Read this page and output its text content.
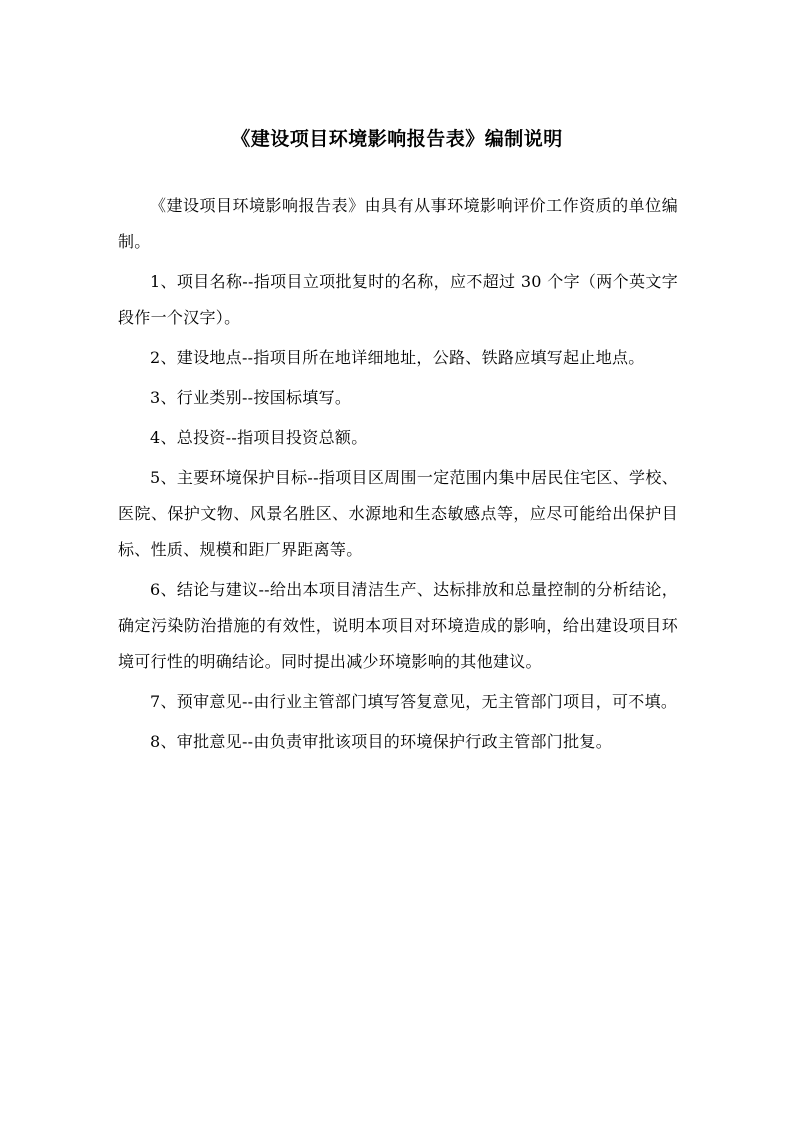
《建设项目环境影响报告表》编制说明

《建设项目环境影响报告表》由具有从事环境影响评价工作资质的单位编制。

1、项目名称--指项目立项批复时的名称，应不超过 30 个字（两个英文字段作一个汉字）。

2、建设地点--指项目所在地详细地址，公路、铁路应填写起止地点。

3、行业类别--按国标填写。

4、总投资--指项目投资总额。

5、主要环境保护目标--指项目区周围一定范围内集中居民住宅区、学校、医院、保护文物、风景名胜区、水源地和生态敏感点等，应尽可能给出保护目标、性质、规模和距厂界距离等。

6、结论与建议--给出本项目清洁生产、达标排放和总量控制的分析结论，确定污染防治措施的有效性，说明本项目对环境造成的影响，给出建设项目环境可行性的明确结论。同时提出减少环境影响的其他建议。

7、预审意见--由行业主管部门填写答复意见，无主管部门项目，可不填。

8、审批意见--由负责审批该项目的环境保护行政主管部门批复。
